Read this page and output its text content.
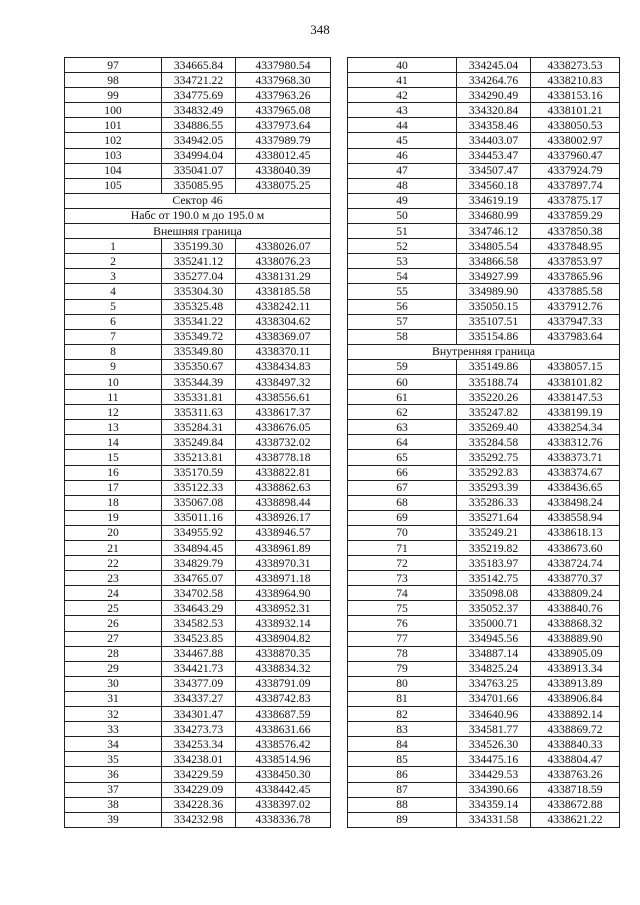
348
97	334665.84	4337980.54
98	334721.22	4337968.30
99	334775.69	4337963.26
100	334832.49	4337965.08
101	334886.55	4337973.64
102	334942.05	4337989.79
103	334994.04	4338012.45
104	335041.07	4338040.39
105	335085.95	4338075.25
Сектор 46		
Набс от 190.0 м до 195.0 м		
Внешняя граница		
1	335199.30	4338026.07
2	335241.12	4338076.23
3	335277.04	4338131.29
4	335304.30	4338185.58
5	335325.48	4338242.11
6	335341.22	4338304.62
7	335349.72	4338369.07
8	335349.80	4338370.11
9	335350.67	4338434.83
10	335344.39	4338497.32
11	335331.81	4338556.61
12	335311.63	4338617.37
13	335284.31	4338676.05
14	335249.84	4338732.02
15	335213.81	4338778.18
16	335170.59	4338822.81
17	335122.33	4338862.63
18	335067.08	4338898.44
19	335011.16	4338926.17
20	334955.92	4338946.57
21	334894.45	4338961.89
22	334829.79	4338970.31
23	334765.07	4338971.18
24	334702.58	4338964.90
25	334643.29	4338952.31
26	334582.53	4338932.14
27	334523.85	4338904.82
28	334467.88	4338870.35
29	334421.73	4338834.32
30	334377.09	4338791.09
31	334337.27	4338742.83
32	334301.47	4338687.59
33	334273.73	4338631.66
34	334253.34	4338576.42
35	334238.01	4338514.96
36	334229.59	4338450.30
37	334229.09	4338442.45
38	334228.36	4338397.02
39	334232.98	4338336.78
40	334245.04	4338273.53
41	334264.76	4338210.83
42	334290.49	4338153.16
43	334320.84	4338101.21
44	334358.46	4338050.53
45	334403.07	4338002.97
46	334453.47	4337960.47
47	334507.47	4337924.79
48	334560.18	4337897.74
49	334619.19	4337875.17
50	334680.99	4337859.29
51	334746.12	4337850.38
52	334805.54	4337848.95
53	334866.58	4337853.97
54	334927.99	4337865.96
55	334989.90	4337885.58
56	335050.15	4337912.76
57	335107.51	4337947.33
58	335154.86	4337983.64
Внутренняя граница		
59	335149.86	4338057.15
60	335188.74	4338101.82
61	335220.26	4338147.53
62	335247.82	4338199.19
63	335269.40	4338254.34
64	335284.58	4338312.76
65	335292.75	4338373.71
66	335292.83	4338374.67
67	335293.39	4338436.65
68	335286.33	4338498.24
69	335271.64	4338558.94
70	335249.21	4338618.13
71	335219.82	4338673.60
72	335183.97	4338724.74
73	335142.75	4338770.37
74	335098.08	4338809.24
75	335052.37	4338840.76
76	335000.71	4338868.32
77	334945.56	4338889.90
78	334887.14	4338905.09
79	334825.24	4338913.34
80	334763.25	4338913.89
81	334701.66	4338906.84
82	334640.96	4338892.14
83	334581.77	4338869.72
84	334526.30	4338840.33
85	334475.16	4338804.47
86	334429.53	4338763.26
87	334390.66	4338718.59
88	334359.14	4338672.88
89	334331.58	4338621.22
